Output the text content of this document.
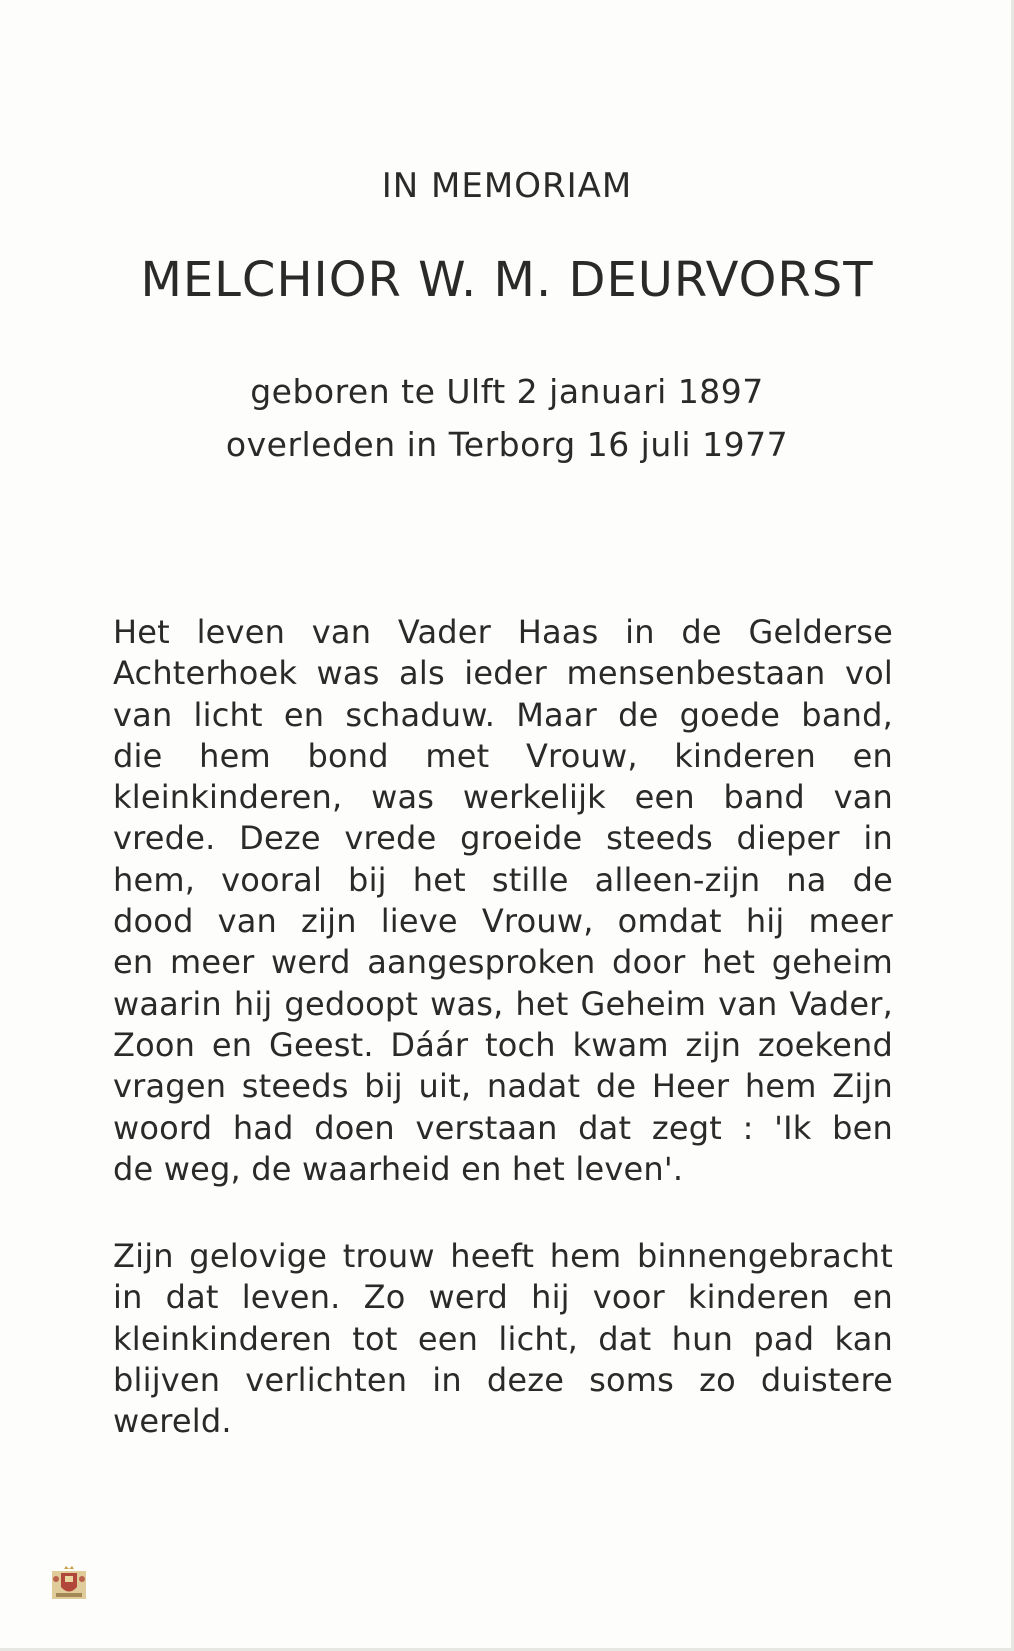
IN MEMORIAM
MELCHIOR W. M. DEURVORST
geboren te Ulft 2 januari 1897
overleden in Terborg 16 juli 1977
Het leven van Vader Haas in de Gelderse
Achterhoek was als ieder mensenbestaan vol
van licht en schaduw. Maar de goede band,
die hem bond met Vrouw, kinderen en
kleinkinderen, was werkelijk een band van
vrede. Deze vrede groeide steeds dieper in
hem, vooral bij het stille alleen-zijn na de
dood van zijn lieve Vrouw, omdat hij meer
en meer werd aangesproken door het geheim
waarin hij gedoopt was, het Geheim van Vader,
Zoon en Geest. Dáár toch kwam zijn zoekend
vragen steeds bij uit, nadat de Heer hem Zijn
woord had doen verstaan dat zegt : 'Ik ben
de weg, de waarheid en het leven'.
Zijn gelovige trouw heeft hem binnengebracht
in dat leven. Zo werd hij voor kinderen en
kleinkinderen tot een licht, dat hun pad kan
blijven verlichten in deze soms zo duistere
wereld.
